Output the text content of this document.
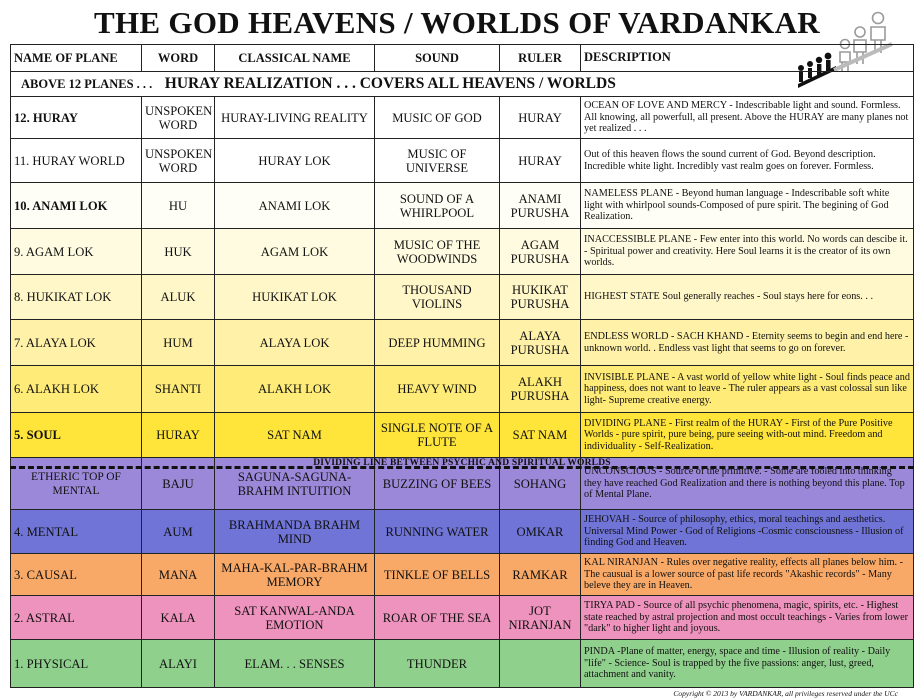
THE GOD HEAVENS / WORLDS OF VARDANKAR
NAME OF PLANE	WORD	CLASSICAL NAME	SOUND	RULER	DESCRIPTION
ABOVE 12 PLANES . . . HURAY REALIZATION . . . COVERS ALL HEAVENS / WORLDS					
12. HURAY	UNSPOKEN WORD	HURAY-LIVING REALITY	MUSIC OF GOD	HURAY	OCEAN OF LOVE AND MERCY - Indescribable light and sound. Formless. All knowing, all powerfull, all present. Above the HURAY are many planes not yet realized . . .
11. HURAY WORLD	UNSPOKEN WORD	HURAY LOK	MUSIC OF UNIVERSE	HURAY	Out of this heaven flows the sound current of God. Beyond description. Incredible white light. Incredibly vast realm goes on forever. Formless.
10. ANAMI LOK	HU	ANAMI LOK	SOUND OF A WHIRLPOOL	ANAMI PURUSHA	NAMELESS PLANE - Beyond human language - Indescribable soft white light with whirlpool sounds-Composed of pure spirit. The begining of God Realization.
9. AGAM LOK	HUK	AGAM LOK	MUSIC OF THE WOODWINDS	AGAM PURUSHA	INACCESSIBLE PLANE - Few enter into this world. No words can descibe it. - Spiritual power and creativity. Here Soul learns it is the creator of its own worlds.
8. HUKIKAT LOK	ALUK	HUKIKAT LOK	THOUSAND VIOLINS	HUKIKAT PURUSHA	HIGHEST STATE Soul generally reaches - Soul stays here for eons. . .
7. ALAYA LOK	HUM	ALAYA LOK	DEEP HUMMING	ALAYA PURUSHA	ENDLESS WORLD - SACH KHAND - Eternity seems to begin and end here - unknown world. . Endless vast light that seems to go on forever.
6. ALAKH LOK	SHANTI	ALAKH LOK	HEAVY WIND	ALAKH PURUSHA	INVISIBLE PLANE - A vast world of yellow white light - Soul finds peace and happiness, does not want to leave - The ruler appears as a vast colossal sun like light- Supreme creative energy.
5. SOUL	HURAY	SAT NAM	SINGLE NOTE OF A FLUTE	SAT NAM	DIVIDING PLANE - First realm of the HURAY - First of the Pure Positive Worlds - pure spirit, pure being, pure seeing with-out mind. Freedom and individuality - Self-Realization.
ETHERIC TOP OF MENTAL	BAJU	SAGUNA-SAGUNA-BRAHM INTUITION	BUZZING OF BEES	SOHANG	UNCONSCIOUS - Source of the primitive. - Some are fooled into thinking they have reached God Realization and there is nothing beyond this plane. Top of Mental Plane.
4. MENTAL	AUM	BRAHMANDA BRAHM MIND	RUNNING WATER	OMKAR	JEHOVAH - Source of philosophy, ethics, moral teachings and aesthetics. Universal Mind Power - God of Religions -Cosmic consciousness - Illusion of finding God and Heaven.
3. CAUSAL	MANA	MAHA-KAL-PAR-BRAHM MEMORY	TINKLE OF BELLS	RAMKAR	KAL NIRANJAN - Rules over negative reality, effects all planes below him. - The causual is a lower source of past life records "Akashic records" - Many beleve they are in Heaven.
2. ASTRAL	KALA	SAT KANWAL-ANDA EMOTION	ROAR OF THE SEA	JOT NIRANJAN	TIRYA PAD - Source of all psychic phenomena, magic, spirits, etc. - Highest state reached by astral projection and most occult teachings - Varies from lower "dark" to higher light and joyous.
1. PHYSICAL	ALAYI	ELAM. . . SENSES	THUNDER		PINDA -Plane of matter, energy, space and time - Illusion of reality - Daily "life" - Science- Soul is trapped by the five passions: anger, lust, greed, attachment and vanity.
DIVIDING LINE BETWEEN PSYCHIC AND SPIRITUAL WORLDS
Copyright © 2013 by VARDANKAR, all privileges reserved under the UCc
